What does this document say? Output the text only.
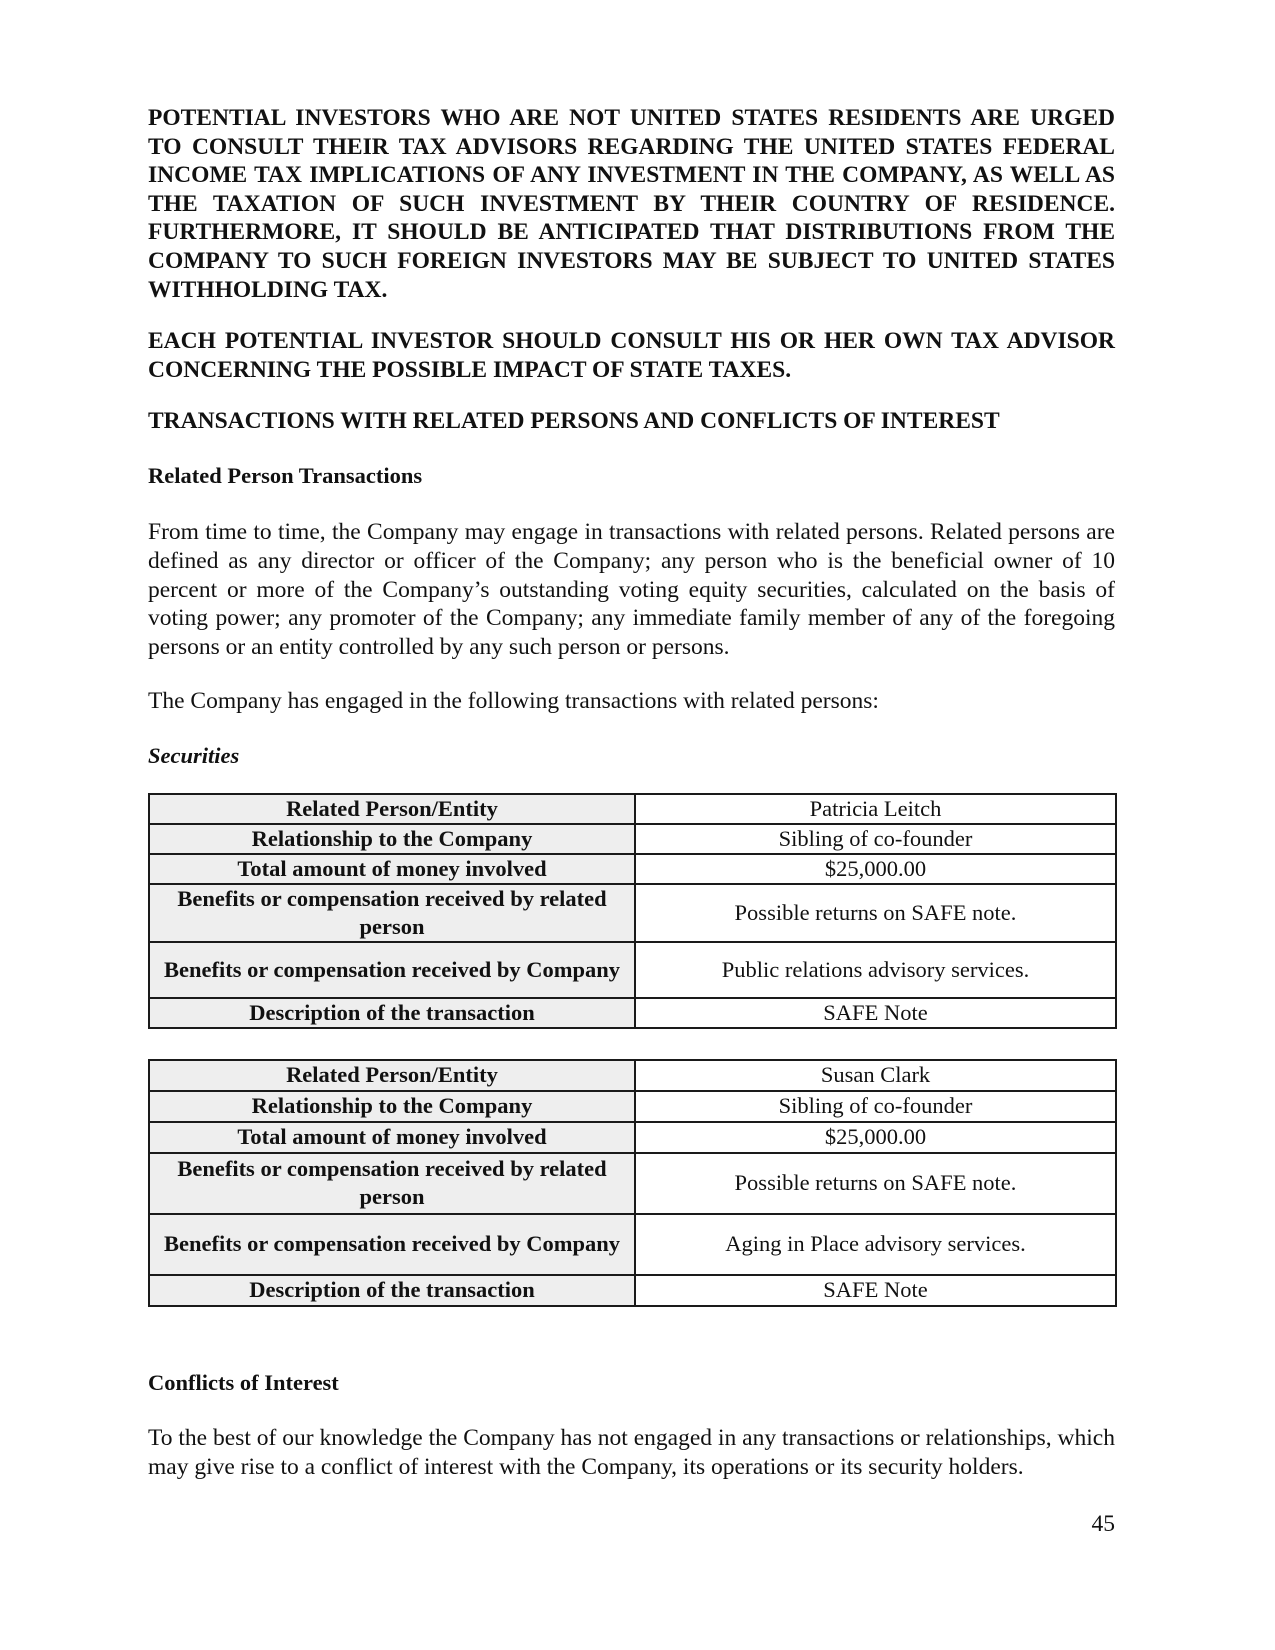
POTENTIAL INVESTORS WHO ARE NOT UNITED STATES RESIDENTS ARE URGED TO CONSULT THEIR TAX ADVISORS REGARDING THE UNITED STATES FEDERAL INCOME TAX IMPLICATIONS OF ANY INVESTMENT IN THE COMPANY, AS WELL AS THE TAXATION OF SUCH INVESTMENT BY THEIR COUNTRY OF RESIDENCE. FURTHERMORE, IT SHOULD BE ANTICIPATED THAT DISTRIBUTIONS FROM THE COMPANY TO SUCH FOREIGN INVESTORS MAY BE SUBJECT TO UNITED STATES WITHHOLDING TAX.

EACH POTENTIAL INVESTOR SHOULD CONSULT HIS OR HER OWN TAX ADVISOR CONCERNING THE POSSIBLE IMPACT OF STATE TAXES.

TRANSACTIONS WITH RELATED PERSONS AND CONFLICTS OF INTEREST
Related Person Transactions

From time to time, the Company may engage in transactions with related persons. Related persons are defined as any director or officer of the Company; any person who is the beneficial owner of 10 percent or more of the Company’s outstanding voting equity securities, calculated on the basis of voting power; any promoter of the Company; any immediate family member of any of the foregoing persons or an entity controlled by any such person or persons.

The Company has engaged in the following transactions with related persons:

Securities
Related Person/Entity	Patricia Leitch
Relationship to the Company	Sibling of co-founder
Total amount of money involved	$25,000.00
Benefits or compensation received by related person	Possible returns on SAFE note.
Benefits or compensation received by Company	Public relations advisory services.
Description of the transaction	SAFE Note
Related Person/Entity	Susan Clark
Relationship to the Company	Sibling of co-founder
Total amount of money involved	$25,000.00
Benefits or compensation received by related person	Possible returns on SAFE note.
Benefits or compensation received by Company	Aging in Place advisory services.
Description of the transaction	SAFE Note
Conflicts of Interest

To the best of our knowledge the Company has not engaged in any transactions or relationships, which may give rise to a conflict of interest with the Company, its operations or its security holders.

45
